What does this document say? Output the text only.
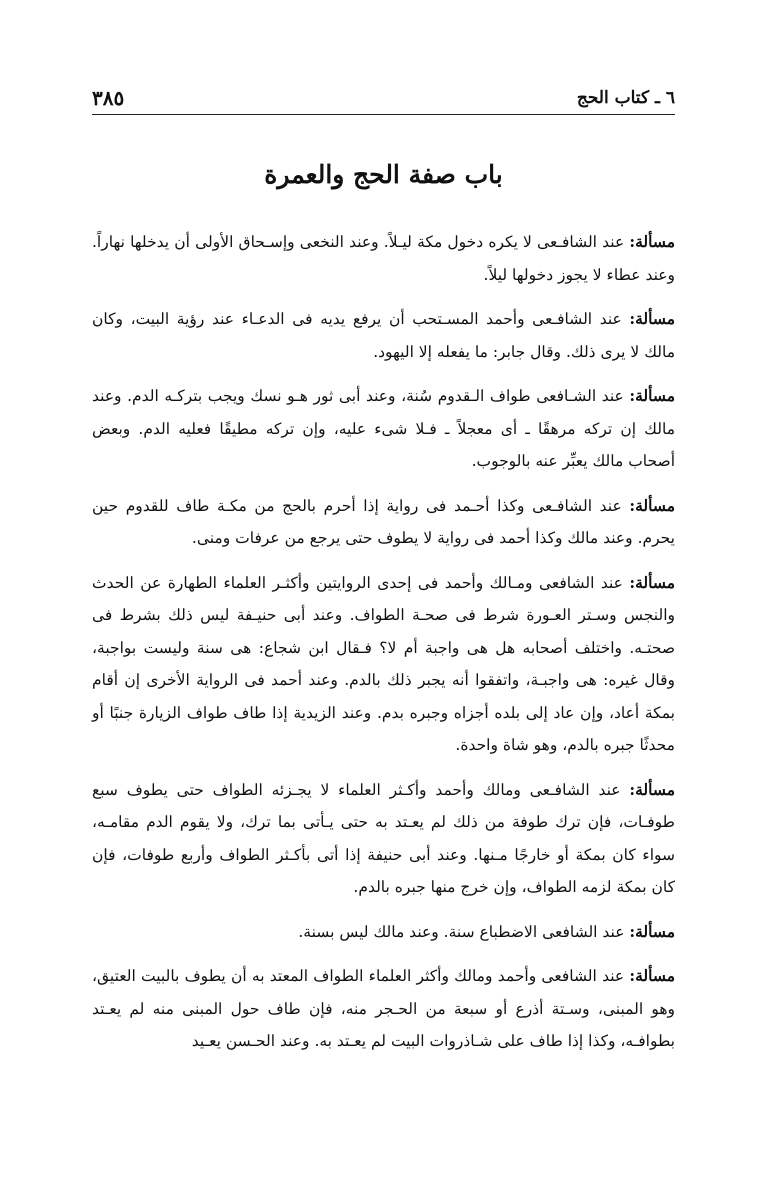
٦ ـ كتاب الحج
٣٨٥
باب صفة الحج والعمرة

مسألة: عند الشافـعى لا يكره دخول مكة ليـلاً. وعند النخعى وإسـحاق الأولى أن يدخلها نهاراً. وعند عطاء لا يجوز دخولها ليلاً.

مسألة: عند الشافـعى وأحمد المسـتحب أن يرفع يديه فى الدعـاء عند رؤية البيت، وكان مالك لا يرى ذلك. وقال جابر: ما يفعله إلا اليهود.

مسألة: عند الشـافعى طواف الـقدوم سُنة، وعند أبى ثور هـو نسك ويجب بتركـه الدم. وعند مالك إن تركه مرهقًا ـ أى معجلاً ـ فـلا شىء عليه، وإن تركه مطيقًا فعليه الدم. وبعض أصحاب مالك يعبِّر عنه بالوجوب.

مسألة: عند الشافـعى وكذا أحـمد فى رواية إذا أحرم بالحج من مكـة طاف للقدوم حين يحرم. وعند مالك وكذا أحمد فى رواية لا يطوف حتى يرجع من عرفات ومنى.

مسألة: عند الشافعى ومـالك وأحمد فى إحدى الروايتين وأكثـر العلماء الطهارة عن الحدث والنجس وسـتر العـورة شرط فى صحـة الطواف. وعند أبى حنيـفة ليس ذلك بشرط فى صحتـه. واختلف أصحابه هل هى واجبة أم لا؟ فـقال ابن شجاع: هى سنة وليست بواجبة، وقال غيره: هى واجبـة، واتفقوا أنه يجبر ذلك بالدم. وعند أحمد فى الرواية الأخرى إن أقام بمكة أعاد، وإن عاد إلى بلده أجزاه وجبره بدم. وعند الزيدية إذا طاف طواف الزيارة جنبًا أو محدثًا جبره بالدم، وهو شاة واحدة.

مسألة: عند الشافـعى ومالك وأحمد وأكـثر العلماء لا يجـزئه الطواف حتى يطوف سبع طوفـات، فإن ترك طوفة من ذلك لم يعـتد به حتى يـأتى بما ترك، ولا يقوم الدم مقامـه، سواء كان بمكة أو خارجًا مـنها. وعند أبى حنيفة إذا أتى بأكـثر الطواف وأربع طوفات، فإن كان بمكة لزمه الطواف، وإن خرج منها جبره بالدم.

مسألة: عند الشافعى الاضطباع سنة. وعند مالك ليس بسنة.

مسألة: عند الشافعى وأحمد ومالك وأكثر العلماء الطواف المعتد به أن يطوف بالبيت العتيق، وهو المبنى، وسـتة أذرع أو سبعة من الحـجر منه، فإن طاف حول المبنى منه لم يعـتد بطوافـه، وكذا إذا طاف على شـاذروات البيت لم يعـتد به. وعند الحـسن يعـيد
